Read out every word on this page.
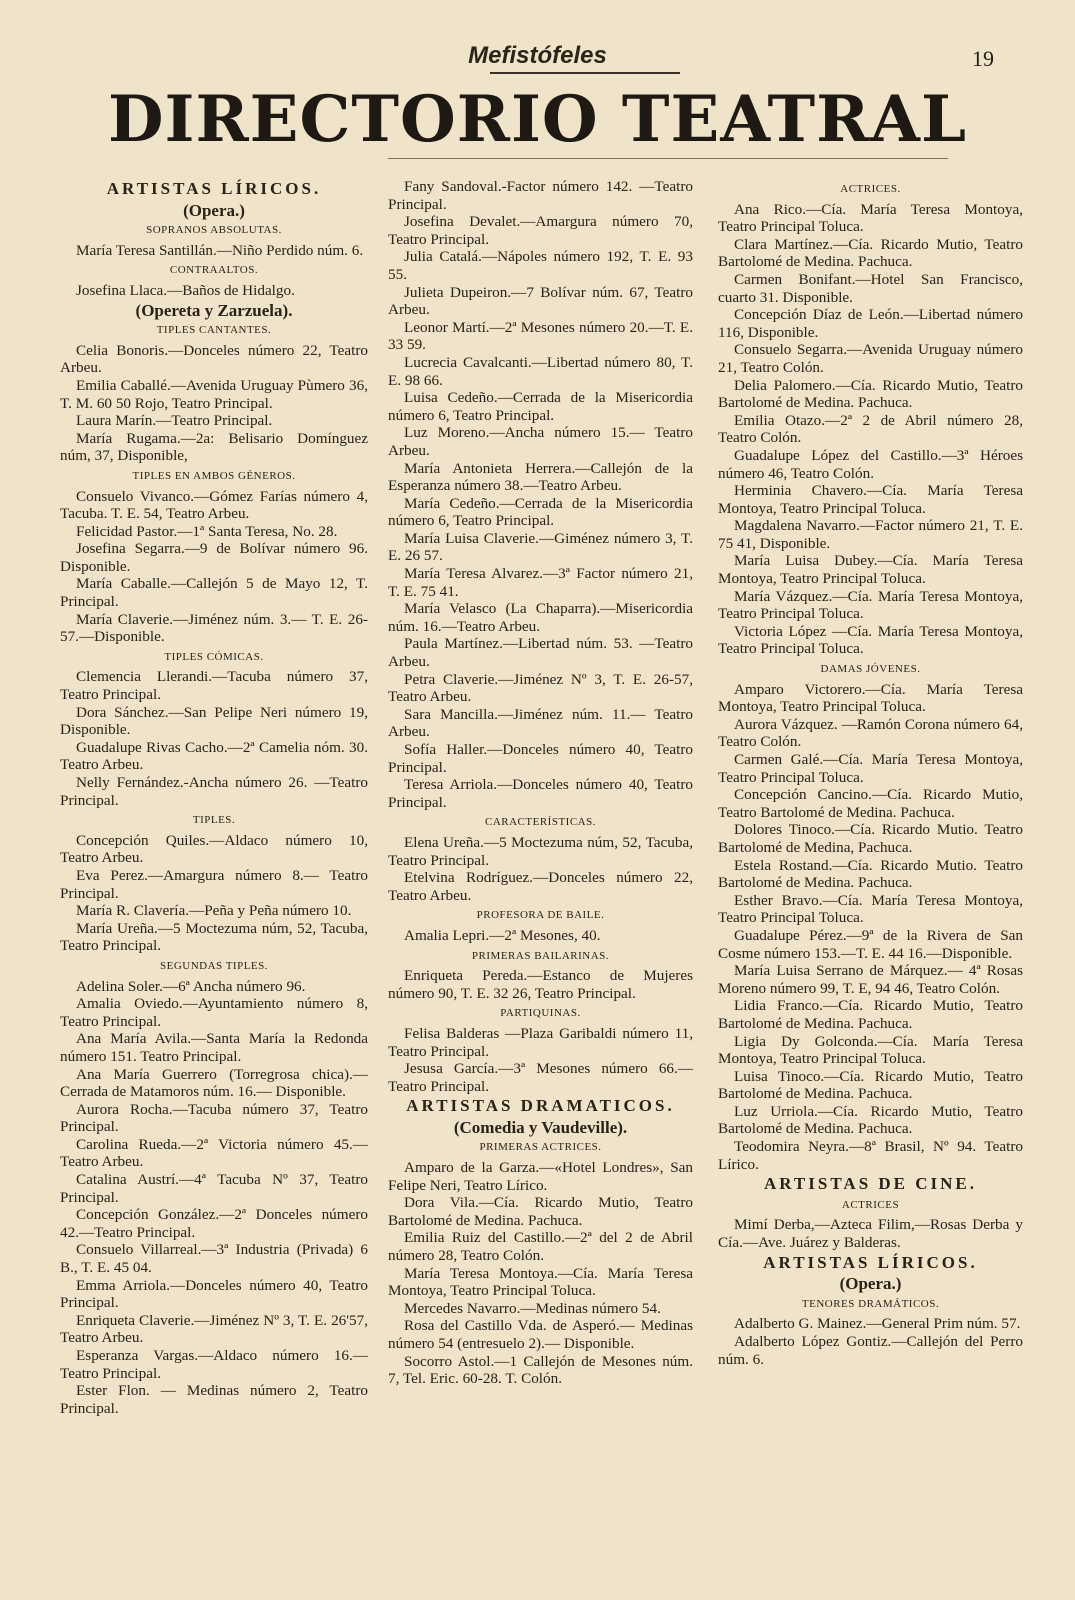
Mefistófeles	19
DIRECTORIO TEATRAL
ARTISTAS LÍRICOS.
(Opera.)
SOPRANOS ABSOLUTAS.

María Teresa Santillán.—Niño Perdido núm. 6.

CONTRAALTOS.

Josefina Llaca.—Baños de Hidalgo.

(Opereta y Zarzuela).
TIPLES CANTANTES.

Celia Bonoris.—Donceles número 22, Teatro Arbeu.

Emilia Caballé.—Avenida Uruguay Pùmero 36, T. M. 60 50 Rojo, Teatro Principal.

Laura Marín.—Teatro Principal.

María Rugama.—2a: Belisario Domínguez núm, 37, Disponible,

TIPLES EN AMBOS GÉNEROS.

Consuelo Vivanco.—Gómez Farías número 4, Tacuba. T. E. 54, Teatro Arbeu.

Felicidad Pastor.—1ª Santa Teresa, No. 28.

Josefina Segarra.—9 de Bolívar número 96. Disponible.

María Caballe.—Callejón 5 de Mayo 12, T. Principal.

María Claverie.—Jiménez núm. 3.— T. E. 26-57.—Disponible.

TIPLES CÓMICAS.

Clemencia Llerandi.—Tacuba número 37, Teatro Principal.

Dora Sánchez.—San Pelipe Neri número 19, Disponible.

Guadalupe Rivas Cacho.—2ª Camelia nóm. 30. Teatro Arbeu.

Nelly Fernández.-Ancha número 26. —Teatro Principal.

TIPLES.

Concepción Quiles.—Aldaco número 10, Teatro Arbeu.

Eva Perez.—Amargura número 8.— Teatro Principal.

María R. Clavería.—Peña y Peña número 10.

María Ureña.—5 Moctezuma núm, 52, Tacuba, Teatro Principal.

SEGUNDAS TIPLES.

Adelina Soler.—6ª Ancha número 96.

Amalia Oviedo.—Ayuntamiento número 8, Teatro Principal.

Ana María Avila.—Santa María la Redonda número 151. Teatro Principal.

Ana María Guerrero (Torregrosa chica).—Cerrada de Matamoros núm. 16.— Disponible.

Aurora Rocha.—Tacuba número 37, Teatro Principal.

Carolina Rueda.—2ª Victoria número 45.—Teatro Arbeu.

Catalina Austrí.—4ª Tacuba Nº 37, Teatro Principal.

Concepción González.—2ª Donceles número 42.—Teatro Principal.

Consuelo Villarreal.—3ª Industria (Privada) 6 B., T. E. 45 04.

Emma Arriola.—Donceles número 40, Teatro Principal.

Enriqueta Claverie.—Jiménez Nº 3, T. E. 26'57, Teatro Arbeu.

Esperanza Vargas.—Aldaco número 16.—Teatro Principal.

Ester Flon. — Medinas número 2, Teatro Principal.

Fany Sandoval.-Factor número 142. —Teatro Principal.

Josefina Devalet.—Amargura número 70, Teatro Principal.

Julia Catalá.—Nápoles número 192, T. E. 93 55.

Julieta Dupeiron.—7 Bolívar núm. 67, Teatro Arbeu.

Leonor Martí.—2ª Mesones número 20.—T. E. 33 59.

Lucrecia Cavalcanti.—Libertad número 80, T. E. 98 66.

Luisa Cedeño.—Cerrada de la Misericordia número 6, Teatro Principal.

Luz Moreno.—Ancha número 15.— Teatro Arbeu.

María Antonieta Herrera.—Callejón de la Esperanza número 38.—Teatro Arbeu.

María Cedeño.—Cerrada de la Misericordia número 6, Teatro Principal.

María Luisa Claverie.—Giménez número 3, T. E. 26 57.

María Teresa Alvarez.—3ª Factor número 21, T. E. 75 41.

María Velasco (La Chaparra).—Misericordia núm. 16.—Teatro Arbeu.

Paula Martínez.—Libertad núm. 53. —Teatro Arbeu.

Petra Claverie.—Jiménez Nº 3, T. E. 26-57, Teatro Arbeu.

Sara Mancilla.—Jiménez núm. 11.— Teatro Arbeu.

Sofía Haller.—Donceles número 40, Teatro Principal.

Teresa Arriola.—Donceles número 40, Teatro Principal.

CARACTERÍSTICAS.

Elena Ureña.—5 Moctezuma núm, 52, Tacuba, Teatro Principal.

Etelvina Rodríguez.—Donceles número 22, Teatro Arbeu.

PROFESORA DE BAILE.

Amalia Lepri.—2ª Mesones, 40.

PRIMERAS BAILARINAS.

Enriqueta Pereda.—Estanco de Mujeres número 90, T. E. 32 26, Teatro Principal.

PARTIQUINAS.

Felisa Balderas —Plaza Garibaldi número 11, Teatro Principal.

Jesusa García.—3ª Mesones número 66.—Teatro Principal.

ARTISTAS DRAMATICOS.
(Comedia y Vaudeville).
PRIMERAS ACTRICES.

Amparo de la Garza.—«Hotel Londres», San Felipe Neri, Teatro Lírico.

Dora Vila.—Cía. Ricardo Mutio, Teatro Bartolomé de Medina. Pachuca.

Emilia Ruiz del Castillo.—2ª del 2 de Abril número 28, Teatro Colón.

María Teresa Montoya.—Cía. María Teresa Montoya, Teatro Principal Toluca.

Mercedes Navarro.—Medinas número 54.

Rosa del Castillo Vda. de Asperó.— Medinas número 54 (entresuelo 2).— Disponible.

Socorro Astol.—1 Callejón de Mesones núm. 7, Tel. Eric. 60-28. T. Colón.

ACTRICES.

Ana Rico.—Cía. María Teresa Montoya, Teatro Principal Toluca.

Clara Martínez.—Cía. Ricardo Mutio, Teatro Bartolomé de Medina. Pachuca.

Carmen Bonifant.—Hotel San Francisco, cuarto 31. Disponible.

Concepción Díaz de León.—Libertad número 116, Disponible.

Consuelo Segarra.—Avenida Uruguay número 21, Teatro Colón.

Delia Palomero.—Cía. Ricardo Mutio, Teatro Bartolomé de Medina. Pachuca.

Emilia Otazo.—2ª 2 de Abril número 28, Teatro Colón.

Guadalupe López del Castillo.—3ª Héroes número 46, Teatro Colón.

Herminia Chavero.—Cía. María Teresa Montoya, Teatro Principal Toluca.

Magdalena Navarro.—Factor número 21, T. E. 75 41, Disponible.

María Luisa Dubey.—Cía. María Teresa Montoya, Teatro Principal Toluca.

María Vázquez.—Cía. María Teresa Montoya, Teatro Principal Toluca.

Victoria López —Cía. María Teresa Montoya, Teatro Principal Toluca.

DAMAS JÓVENES.

Amparo Victorero.—Cía. María Teresa Montoya, Teatro Principal Toluca.

Aurora Vázquez. —Ramón Corona número 64, Teatro Colón.

Carmen Galé.—Cía. María Teresa Montoya, Teatro Principal Toluca.

Concepción Cancino.—Cía. Ricardo Mutio, Teatro Bartolomé de Medina. Pachuca.

Dolores Tinoco.—Cía. Ricardo Mutio. Teatro Bartolomé de Medina, Pachuca.

Estela Rostand.—Cía. Ricardo Mutio. Teatro Bartolomé de Medina. Pachuca.

Esther Bravo.—Cía. María Teresa Montoya, Teatro Principal Toluca.

Guadalupe Pérez.—9ª de la Rivera de San Cosme número 153.—T. E. 44 16.—Disponible.

María Luisa Serrano de Márquez.— 4ª Rosas Moreno número 99, T. E, 94 46, Teatro Colón.

Lidia Franco.—Cía. Ricardo Mutio, Teatro Bartolomé de Medina. Pachuca.

Ligia Dy Golconda.—Cía. María Teresa Montoya, Teatro Principal Toluca.

Luisa Tinoco.—Cía. Ricardo Mutio, Teatro Bartolomé de Medina. Pachuca.

Luz Urriola.—Cía. Ricardo Mutio, Teatro Bartolomé de Medina. Pachuca.

Teodomira Neyra.—8ª Brasil, Nº 94. Teatro Lírico.

ARTISTAS DE CINE.
ACTRICES

Mimí Derba,—Azteca Filim,—Rosas Derba y Cía.—Ave. Juárez y Balderas.

ARTISTAS LÍRICOS.
(Opera.)
TENORES DRAMÁTICOS.

Adalberto G. Mainez.—General Prim núm. 57.

Adalberto López Gontiz.—Callejón del Perro núm. 6.
